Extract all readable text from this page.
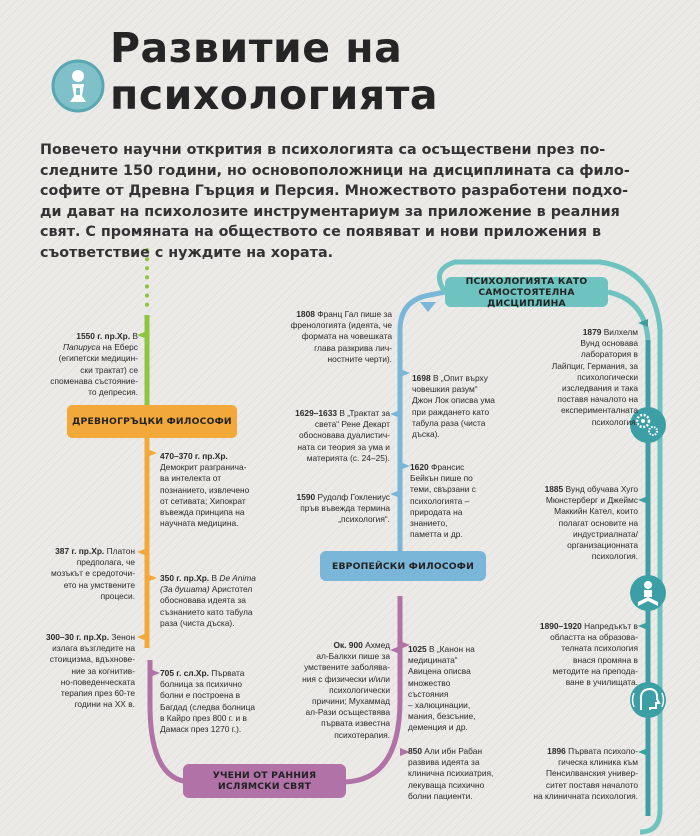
Развитие на
психологията
Повечето научни открития в психологията са осъществени през по-
следните 150 години, но основоположници на дисциплината са фило-
софите от Древна Гърция и Персия. Множеството разработени подхо-
ди дават на психолозите инструментариум за приложение в реалния
свят. С промяната на обществото се появяват и нови приложения в
съответствие с нуждите на хората.
ДРЕВНОГРЪЦКИ ФИЛОСОФИ
ЕВРОПЕЙСКИ ФИЛОСОФИ
УЧЕНИ ОТ РАННИЯ
ИСЛЯМСКИ СВЯТ
ПСИХОЛОГИЯТА КАТО
САМОСТОЯТЕЛНА ДИСЦИПЛИНА
1550 г. пр.Хр. В
Папируса на Еберс
(египетски медицин-
ски трактат) се
споменава състояние-
то депресия.
387 г. пр.Хр. Платон
предполага, че
мозъкът е средоточи-
ето на умствените
процеси.
300–30 г. пр.Хр. Зенон
излага възгледите на
стоицизма, вдъхнове-
ние за когнитив-
но-поведенческата
терапия през 60-те
години на XX в.
470–370 г. пр.Хр.
Демокрит разгранича-
ва интелекта от
познанието, извлечено
от сетивата; Хипократ
въвежда принципа на
научната медицина.
350 г. пр.Хр. В De Anima
(За душата) Аристотел
обосновава идеята за
съзнанието като табула
раза (чиста дъска).
705 г. сл.Хр. Първата
болница за психично
болни е построена в
Багдад (следва болница
в Кайро през 800 г. и в
Дамаск през 1270 г.).
1808 Франц Гал пише за
френологията (идеята, че
формата на човешката
глава разкрива лич-
ностните черти).
1629–1633 В „Трактат за
света“ Рене Декарт
обосновава дуалистич-
ната си теория за ума и
материята (с. 24–25).
1590 Рудолф Гоклениус
пръв въвежда термина
„психология“.
Ок. 900 Ахмед
ал-Балкхи пише за
умствените заболява-
ния с физически и/или
психологически
причини; Мухаммад
ал-Рази осъществява
първата известна
психотерапия.
1698 В „Опит върху
човешкия разум“
Джон Лок описва ума
при раждането като
табула раза (чиста
дъска).
1620 Франсис
Бейкън пише по
теми, свързани с
психологията –
природата на
знанието,
паметта и др.
1025 В „Канон на
медицината“
Авицена описва
множество
състояния
– халюцинации,
мания, безсъние,
деменция и др.
850 Али ибн Рабан
развива идеята за
клинична психиатрия,
лекуваща психично
болни пациенти.
1879 Вилхелм
Вунд основава
лаборатория в
Лайпциг, Германия, за
психологически
изследвания и така
поставя началото на
експерименталната
психология.
1885 Вунд обучава Хуго
Мюнстерберг и Джеймс
Маккийн Кател, които
полагат основите на
индустриалната/
организационната
психология.
1890–1920 Напредъкът в
областта на образова-
телната психология
внася промяна в
методите на препода-
ване в училищата.
1896 Първата психоло-
гическа клиника към
Пенсилванския универ-
ситет поставя началото
на клиничната психология.
